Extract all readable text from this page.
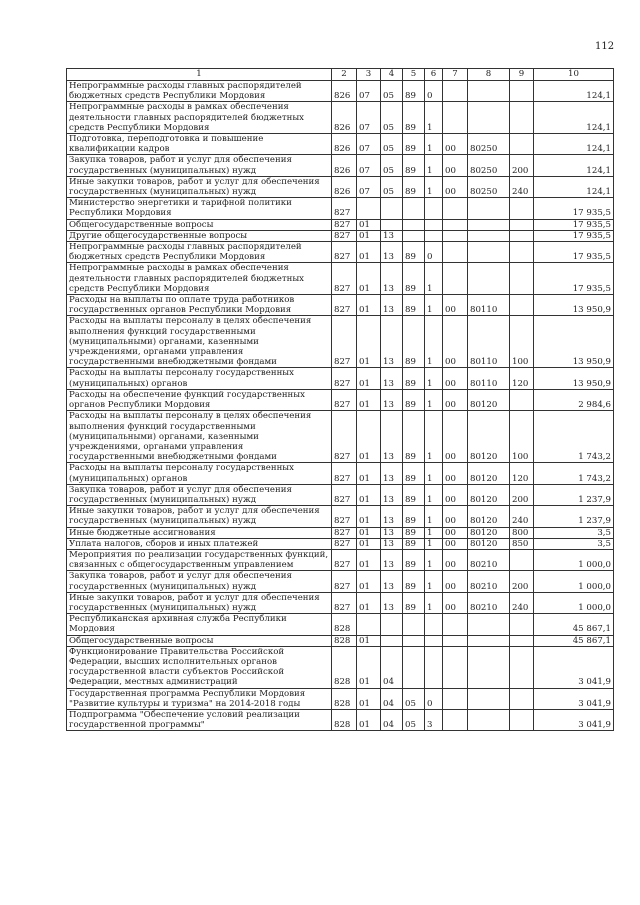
112
1	2	3	4	5	6	7	8	9	10
Непрограммные расходы главных распорядителей бюджетных средств Республики Мордовия	826	07	05	89	0				124,1
Непрограммные расходы в рамках обеспечения деятельности главных распорядителей бюджетных средств Республики Мордовия	826	07	05	89	1				124,1
Подготовка, переподготовка и повышение квалификации кадров	826	07	05	89	1	00	80250		124,1
Закупка товаров, работ и услуг для обеспечения государственных (муниципальных) нужд	826	07	05	89	1	00	80250	200	124,1
Иные закупки товаров, работ и услуг для обеспечения государственных (муниципальных) нужд	826	07	05	89	1	00	80250	240	124,1
Министерство энергетики и тарифной политики Республики Мордовия	827								17 935,5
Общегосударственные вопросы	827	01							17 935,5
Другие общегосударственные вопросы	827	01	13						17 935,5
Непрограммные расходы главных распорядителей бюджетных средств Республики Мордовия	827	01	13	89	0				17 935,5
Непрограммные расходы в рамках обеспечения деятельности главных распорядителей бюджетных средств Республики Мордовия	827	01	13	89	1				17 935,5
Расходы на выплаты по оплате труда работников государственных органов Республики Мордовия	827	01	13	89	1	00	80110		13 950,9
Расходы на выплаты персоналу в целях обеспечения выполнения функций государственными (муниципальными) органами, казенными учреждениями, органами управления государственными внебюджетными фондами	827	01	13	89	1	00	80110	100	13 950,9
Расходы на выплаты персоналу государственных (муниципальных) органов	827	01	13	89	1	00	80110	120	13 950,9
Расходы на обеспечение функций государственных органов Республики Мордовия	827	01	13	89	1	00	80120		2 984,6
Расходы на выплаты персоналу в целях обеспечения выполнения функций государственными (муниципальными) органами, казенными учреждениями, органами управления государственными внебюджетными фондами	827	01	13	89	1	00	80120	100	1 743,2
Расходы на выплаты персоналу государственных (муниципальных) органов	827	01	13	89	1	00	80120	120	1 743,2
Закупка товаров, работ и услуг для обеспечения государственных (муниципальных) нужд	827	01	13	89	1	00	80120	200	1 237,9
Иные закупки товаров, работ и услуг для обеспечения государственных (муниципальных) нужд	827	01	13	89	1	00	80120	240	1 237,9
Иные бюджетные ассигнования	827	01	13	89	1	00	80120	800	3,5
Уплата налогов, сборов и иных платежей	827	01	13	89	1	00	80120	850	3,5
Мероприятия по реализации государственных функций, связанных с общегосударственным управлением	827	01	13	89	1	00	80210		1 000,0
Закупка товаров, работ и услуг для обеспечения государственных (муниципальных) нужд	827	01	13	89	1	00	80210	200	1 000,0
Иные закупки товаров, работ и услуг для обеспечения государственных (муниципальных) нужд	827	01	13	89	1	00	80210	240	1 000,0
Республиканская архивная служба Республики Мордовия	828								45 867,1
Общегосударственные вопросы	828	01							45 867,1
Функционирование Правительства Российской Федерации, высших исполнительных органов государственной власти субъектов Российской Федерации, местных администраций	828	01	04						3 041,9
Государственная программа Республики Мордовия "Развитие культуры и туризма" на 2014-2018 годы	828	01	04	05	0				3 041,9
Подпрограмма "Обеспечение условий реализации государственной программы"	828	01	04	05	3				3 041,9
